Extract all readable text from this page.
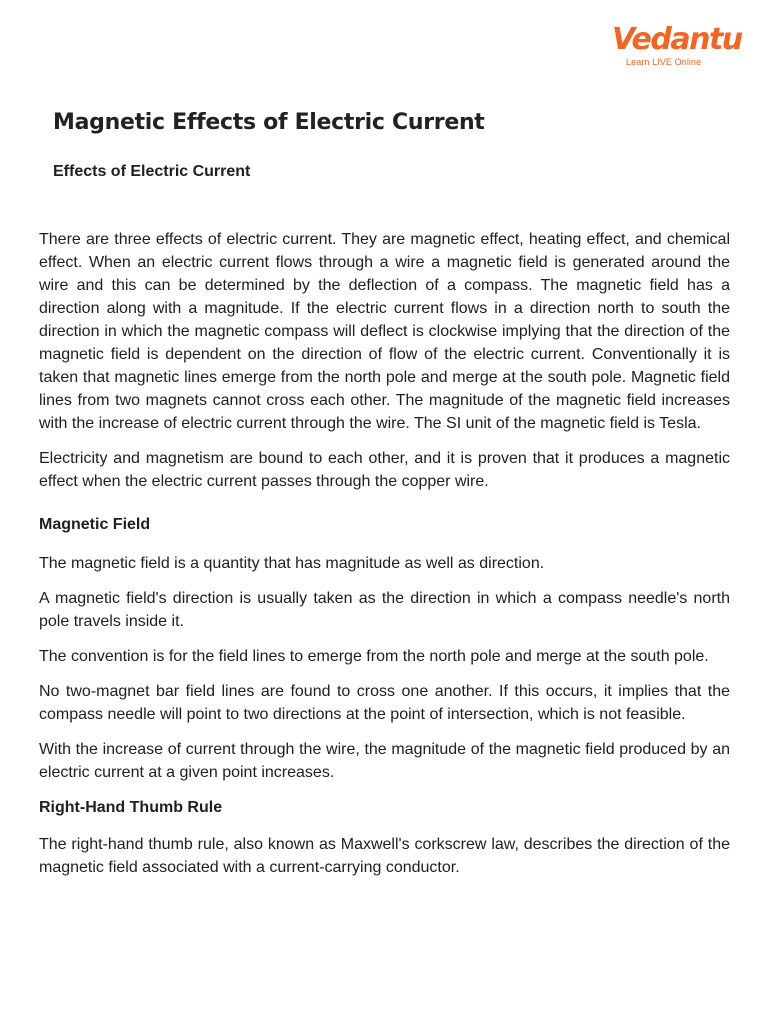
Vedantu
Learn LIVE Online
Magnetic Effects of Electric Current
Effects of Electric Current

There are three effects of electric current. They are magnetic effect, heating effect, and chemical effect. When an electric current flows through a wire a magnetic field is generated around the wire and this can be determined by the deflection of a compass. The magnetic field has a direction along with a magnitude. If the electric current flows in a direction north to south the direction in which the magnetic compass will deflect is clockwise implying that the direction of the magnetic field is dependent on the direction of flow of the electric current. Conventionally it is taken that magnetic lines emerge from the north pole and merge at the south pole. Magnetic field lines from two magnets cannot cross each other. The magnitude of the magnetic field increases with the increase of electric current through the wire. The SI unit of the magnetic field is Tesla.

Electricity and magnetism are bound to each other, and it is proven that it produces a magnetic effect when the electric current passes through the copper wire.

Magnetic Field

The magnetic field is a quantity that has magnitude as well as direction.

A magnetic field's direction is usually taken as the direction in which a compass needle's north pole travels inside it.

The convention is for the field lines to emerge from the north pole and merge at the south pole.

No two-magnet bar field lines are found to cross one another. If this occurs, it implies that the compass needle will point to two directions at the point of intersection, which is not feasible.

With the increase of current through the wire, the magnitude of the magnetic field produced by an electric current at a given point increases.

Right-Hand Thumb Rule

The right-hand thumb rule, also known as Maxwell's corkscrew law, describes the direction of the magnetic field associated with a current-carrying conductor.
